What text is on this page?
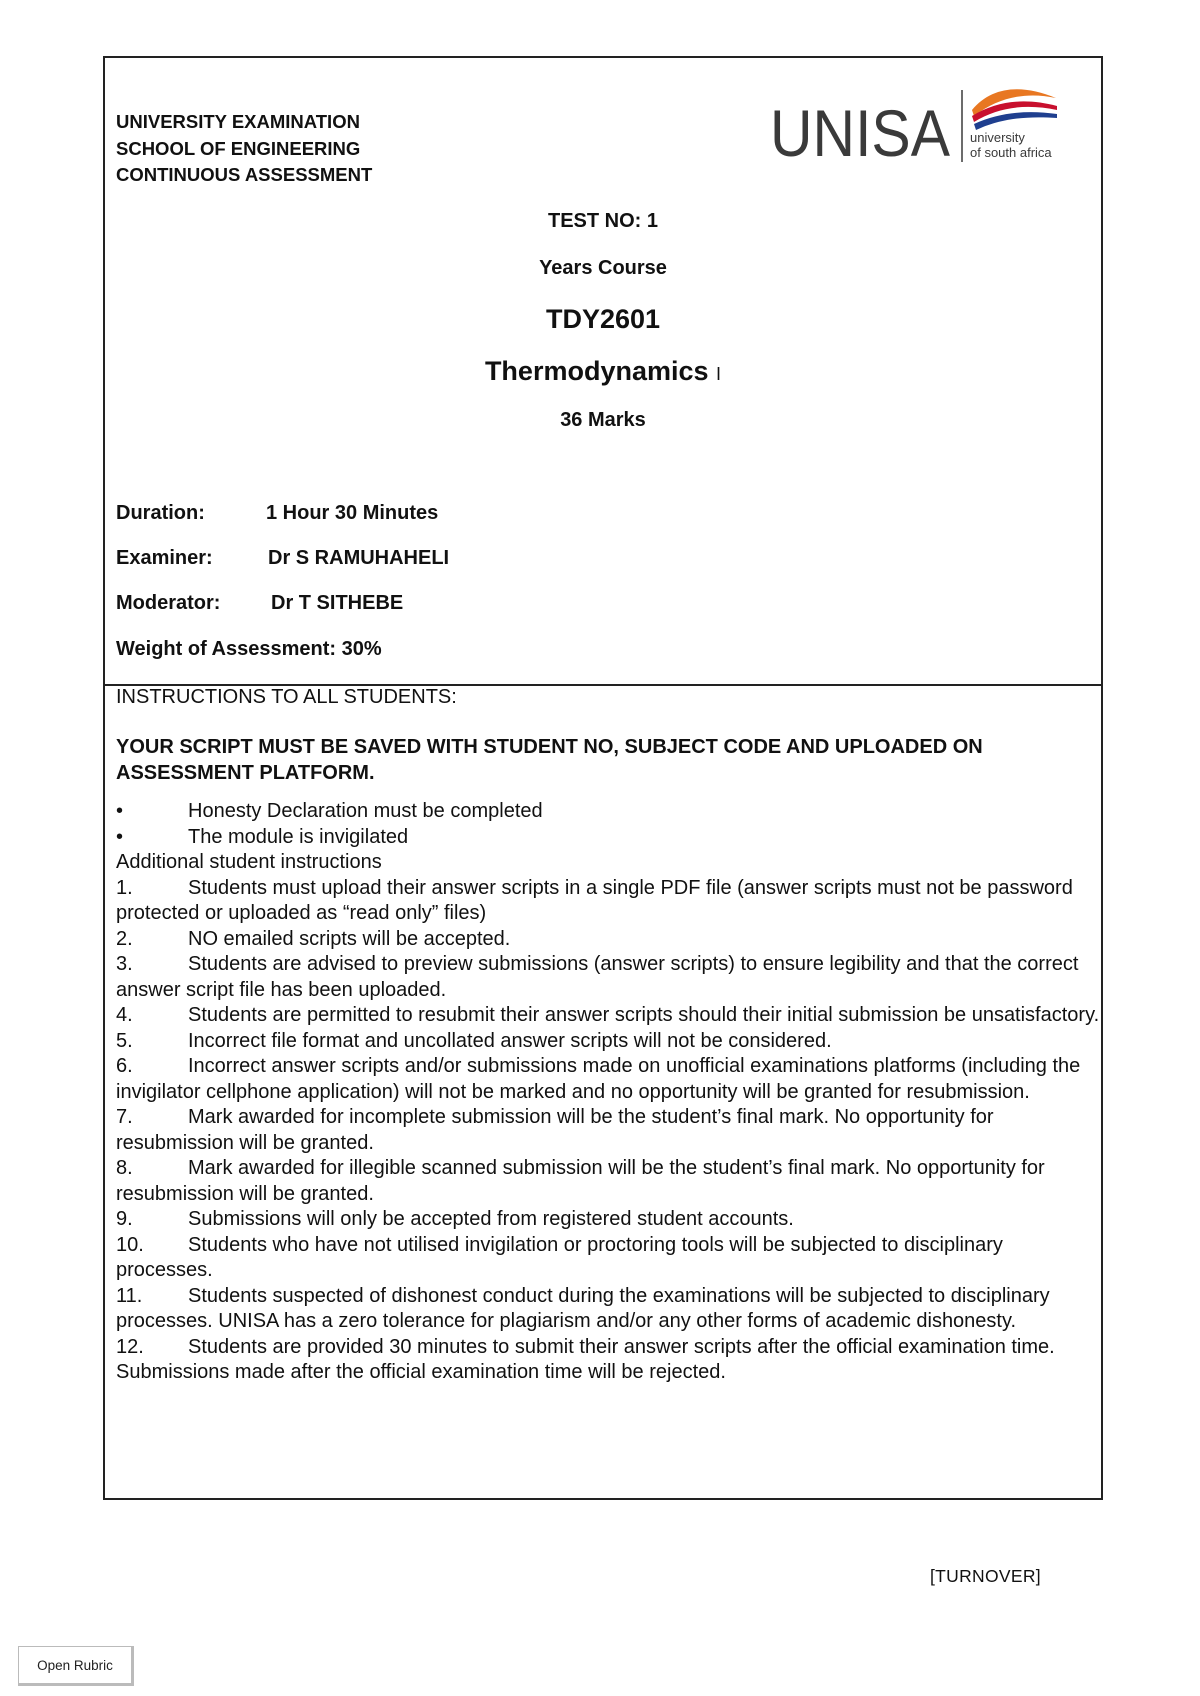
UNIVERSITY EXAMINATION
SCHOOL OF ENGINEERING
CONTINUOUS ASSESSMENT
UNISA university
of south africa
TEST NO: 1
Years Course
TDY2601
Thermodynamics I
36 Marks
Duration:	1 Hour 30 Minutes
Examiner:	Dr S RAMUHAHELI
Moderator:	Dr T SITHEBE
Weight of Assessment: 30%
INSTRUCTIONS TO ALL STUDENTS:
YOUR SCRIPT MUST BE SAVED WITH STUDENT NO, SUBJECT CODE AND UPLOADED ON ASSESSMENT PLATFORM.
•	Honesty Declaration must be completed
•	The module is invigilated
Additional student instructions
1.	Students must upload their answer scripts in a single PDF file (answer scripts must not be password protected or uploaded as “read only” files)
2.	NO emailed scripts will be accepted.
3.	Students are advised to preview submissions (answer scripts) to ensure legibility and that the correct answer script file has been uploaded.
4.	Students are permitted to resubmit their answer scripts should their initial submission be unsatisfactory.
5.	Incorrect file format and uncollated answer scripts will not be considered.
6.	Incorrect answer scripts and/or submissions made on unofficial examinations platforms (including the invigilator cellphone application) will not be marked and no opportunity will be granted for resubmission.
7.	Mark awarded for incomplete submission will be the student’s final mark. No opportunity for resubmission will be granted.
8.	Mark awarded for illegible scanned submission will be the student’s final mark. No opportunity for resubmission will be granted.
9.	Submissions will only be accepted from registered student accounts.
10. Students who have not utilised invigilation or proctoring tools will be subjected to disciplinary processes.
11. Students suspected of dishonest conduct during the examinations will be subjected to disciplinary processes. UNISA has a zero tolerance for plagiarism and/or any other forms of academic dishonesty.
12. Students are provided 30 minutes to submit their answer scripts after the official examination time. Submissions made after the official examination time will be rejected.
[TURNOVER]
Open Rubric
